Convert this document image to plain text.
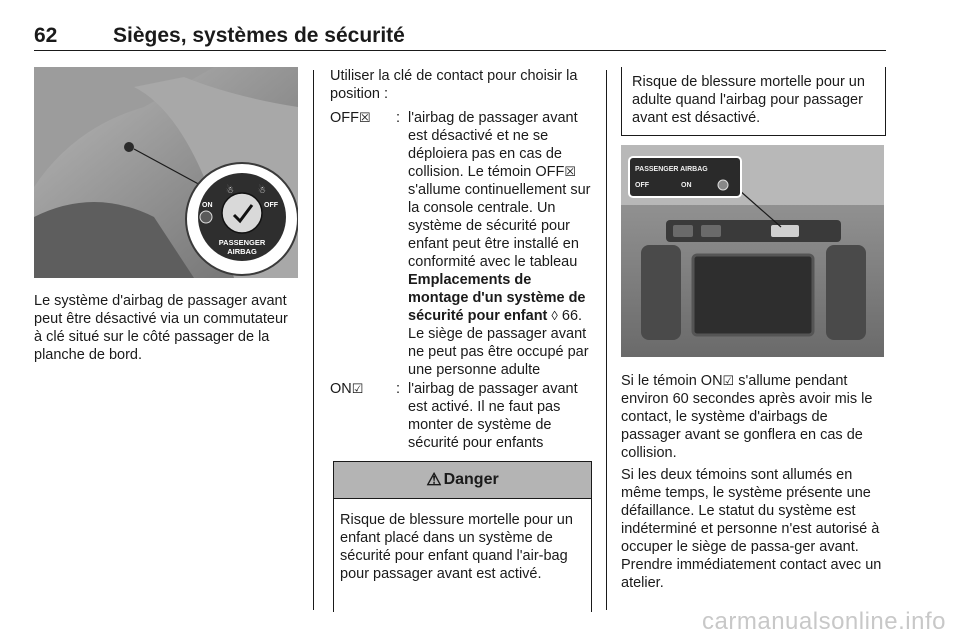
62	Sièges, systèmes de sécurité
☃	☃
ON	OFF
PASSENGER
AIRBAG

Le système d'airbag de passager avant peut être désactivé via un commutateur à clé situé sur le côté passager de la planche de bord.

Utiliser la clé de contact pour choisir la position :

OFF☒	: l'airbag de passager avant est désactivé et ne se déploiera pas en cas de collision. Le témoin OFF☒ s'allume continuellement sur la console centrale. Un système de sécurité pour enfant peut être installé en conformité avec le tableau Emplacements de montage d'un système de sécurité pour enfant ◊ 66. Le siège de passager avant ne peut pas être occupé par une personne adulte
ON☑	: l'airbag de passager avant est activé. Il ne faut pas monter de système de sécurité pour enfants
⚠ Danger

Risque de blessure mortelle pour un enfant placé dans un système de sécurité pour enfant quand l'air-bag pour passager avant est activé.

Risque de blessure mortelle pour un adulte quand l'airbag pour passager avant est désactivé.

PASSENGER AIRBAG
OFF	ON

Si le témoin ON☑ s'allume pendant environ 60 secondes après avoir mis le contact, le système d'airbags de passager avant se gonflera en cas de collision.

Si les deux témoins sont allumés en même temps, le système présente une défaillance. Le statut du système est indéterminé et personne n'est autorisé à occuper le siège de passa-ger avant. Prendre immédiatement contact avec un atelier.

carmanualsonline.info
